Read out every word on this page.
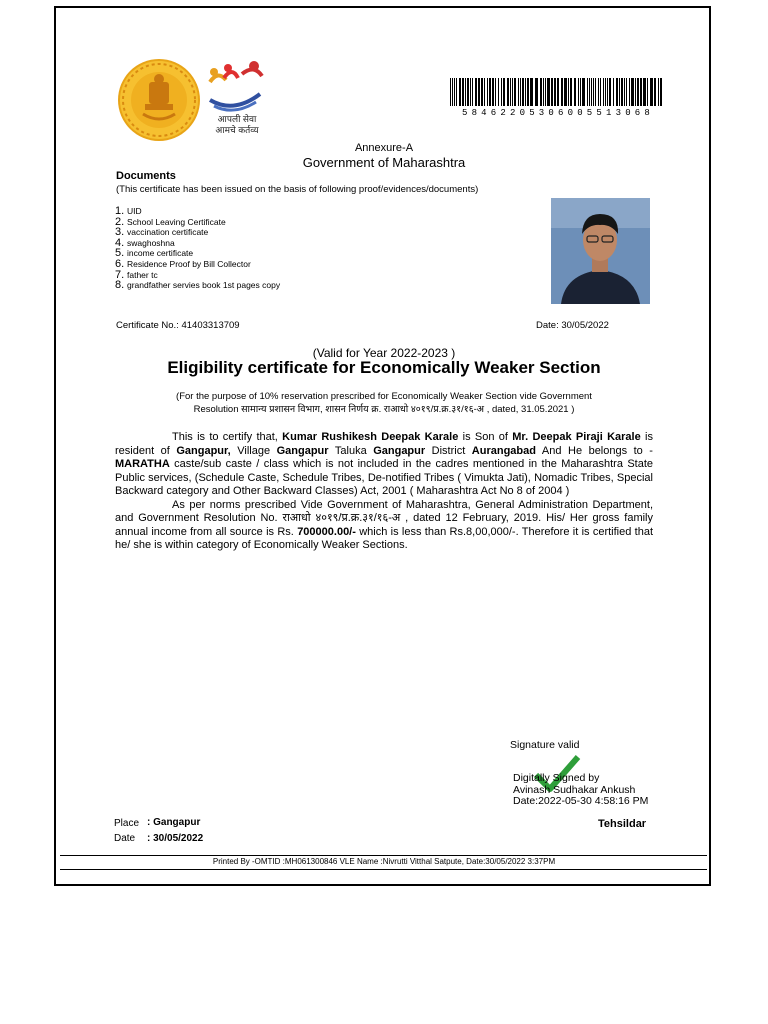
आपली सेवा
आमचे कर्तव्य
584622053060055130​68
Annexure-A
Government of Maharashtra
Documents
(This certificate has been issued on the basis of following proof/evidences/documents)
1. UID
2. School Leaving Certificate
3. vaccination certificate
4. swaghoshna
5. income certificate
6. Residence Proof by Bill Collector
7. father tc
8. grandfather servies book 1st pages copy
Certificate No.: 41403313709	Date: 30/05/2022
(Valid for Year 2022-2023 )
Eligibility certificate for Economically Weaker Section
(For the purpose of 10% reservation prescribed for Economically Weaker Section vide Government
Resolution सामान्य प्रशासन विभाग, शासन निर्णय क्र. राआधो ४०१९/प्र.क्र.३१/१६-अ , dated, 31.05.2021 )

This is to certify that, Kumar Rushikesh Deepak Karale is Son of Mr. Deepak Piraji Karale is resident of Gangapur, Village Gangapur Taluka Gangapur District Aurangabad And He belongs to - MARATHA caste/sub caste / class which is not included in the cadres mentioned in the Maharashtra State Public services, (Schedule Caste, Schedule Tribes, De-notified Tribes ( Vimukta Jati), Nomadic Tribes, Special Backward category and Other Backward Classes) Act, 2001 ( Maharashtra Act No 8 of 2004 )

As per norms prescribed Vide Government of Maharashtra, General Administration Department, and Government Resolution No. राआधो ४०१९/प्र.क्र.३१/१६-अ , dated 12 February, 2019. His/ Her gross family annual income from all source is Rs. 700000.00/- which is less than Rs.8,00,000/-. Therefore it is certified that he/ she is within category of Economically Weaker Sections.

Signature valid
Digitally Signed by
Avinash Sudhakar Ankush
Date:2022-05-30 4:58:16 PM
Place : Gangapur
Date : 30/05/2022
Tehsildar
Printed By -OMTID :MH061300846 VLE Name :Nivrutti Vitthal Satpute, Date:30/05/2022 3:37PM
